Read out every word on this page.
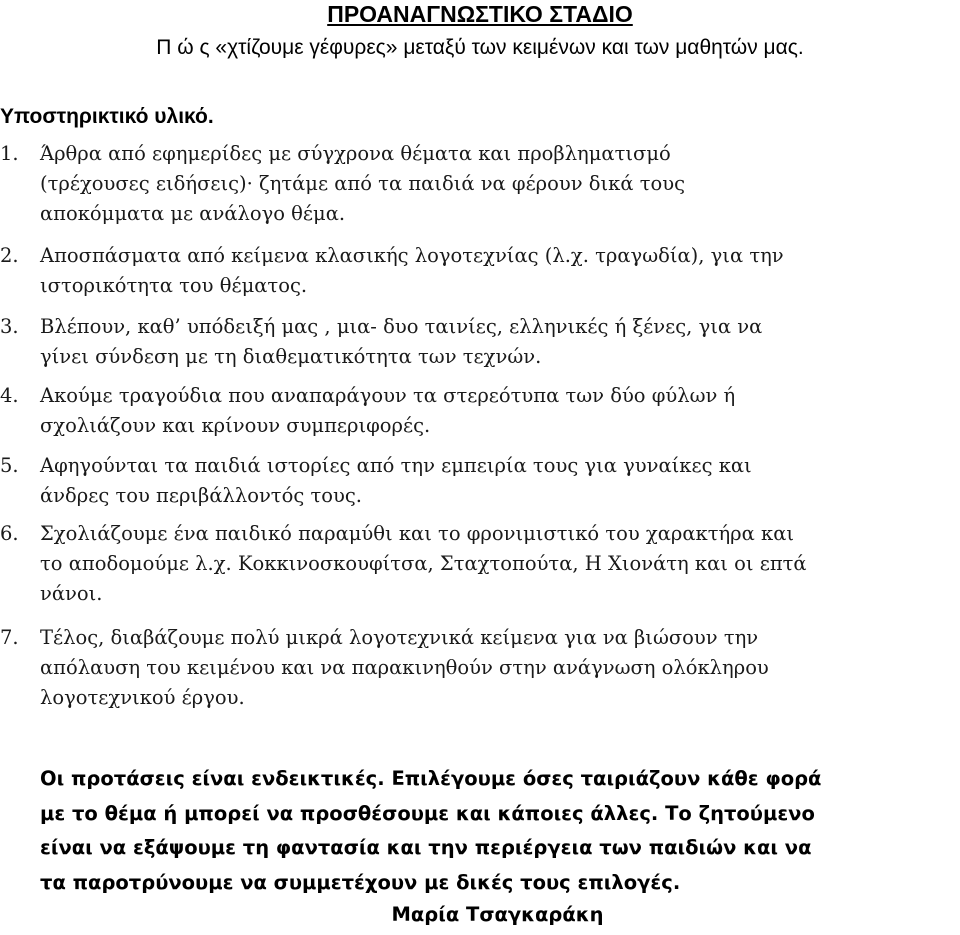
ΠΡΟΑΝΑΓΝΩΣΤΙΚΟ ΣΤΑΔΙΟ
Π ώ ς «χτίζουμε γέφυρες» μεταξύ των κειμένων και των μαθητών μας.
Υποστηρικτικό υλικό.
1.	Άρθρα από εφημερίδες με σύγχρονα θέματα και προβληματισμό
(τρέχουσες ειδήσεις)· ζητάμε από τα παιδιά να φέρουν δικά τους
αποκόμματα με ανάλογο θέμα.
2.	Αποσπάσματα από κείμενα κλασικής λογοτεχνίας (λ.χ. τραγωδία), για την
ιστορικότητα του θέματος.
3.	Βλέπουν, καθ’ υπόδειξή μας , μια- δυο ταινίες, ελληνικές ή ξένες, για να
γίνει σύνδεση με τη διαθεματικότητα των τεχνών.
4.	Ακούμε τραγούδια που αναπαράγουν τα στερεότυπα των δύο φύλων ή
σχολιάζουν και κρίνουν συμπεριφορές.
5.	Αφηγούνται τα παιδιά ιστορίες από την εμπειρία τους για γυναίκες και
άνδρες του περιβάλλοντός τους.
6.	Σχολιάζουμε ένα παιδικό παραμύθι και το φρονιμιστικό του χαρακτήρα και
το αποδομούμε λ.χ. Κοκκινοσκουφίτσα, Σταχτοπούτα, Η Χιονάτη και οι επτά
νάνοι.
7.	Τέλος, διαβάζουμε πολύ μικρά λογοτεχνικά κείμενα για να βιώσουν την
απόλαυση του κειμένου και να παρακινηθούν στην ανάγνωση ολόκληρου
λογοτεχνικού έργου.
Οι προτάσεις είναι ενδεικτικές. Επιλέγουμε όσες ταιριάζουν κάθε φορά
με το θέμα ή μπορεί να προσθέσουμε και κάποιες άλλες. Το ζητούμενο
είναι να εξάψουμε τη φαντασία και την περιέργεια των παιδιών και να
τα παροτρύνουμε να συμμετέχουν με δικές τους επιλογές.
Μαρία Τσαγκαράκη
